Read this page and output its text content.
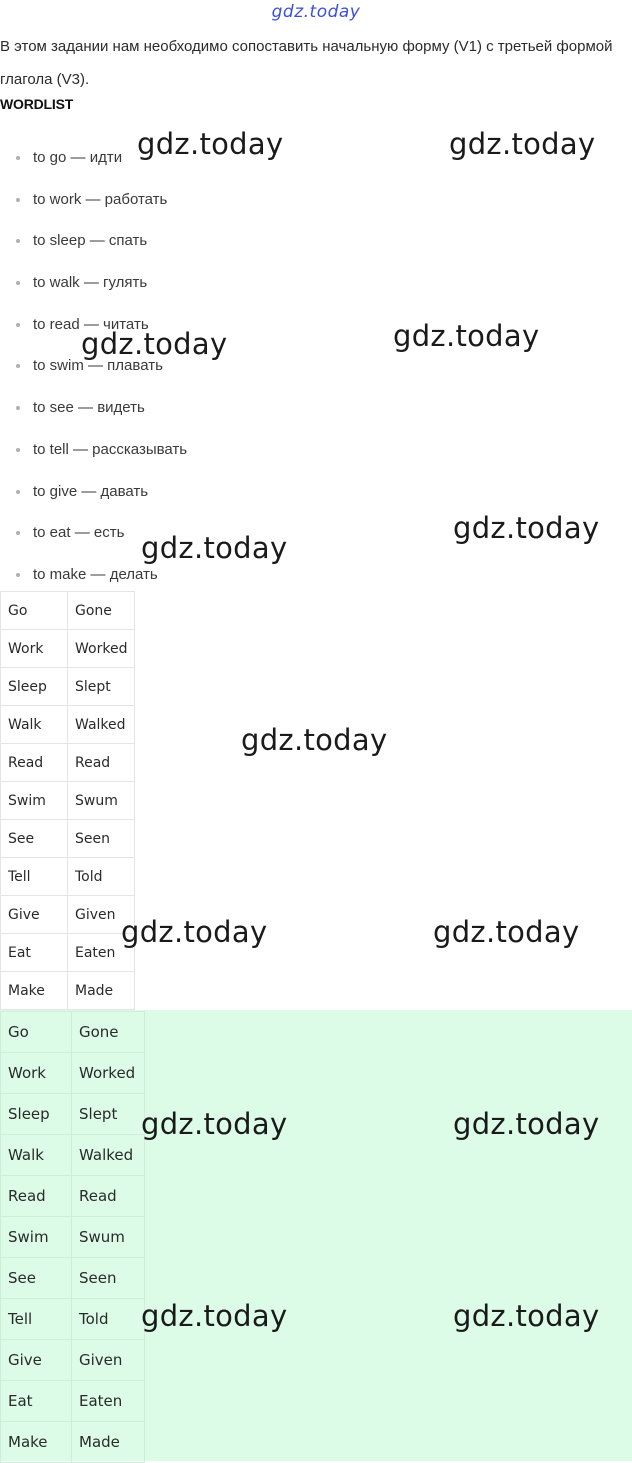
gdz.today
В этом задании нам необходимо сопоставить начальную форму (V1) с третьей формой глагола (V3).
WORDLIST
to go — идти
to work — работать
to sleep — спать
to walk — гулять
to read — читать
to swim — плавать
to see — видеть
to tell — рассказывать
to give — давать
to eat — есть
to make — делать
Go	Gone
Work	Worked
Sleep	Slept
Walk	Walked
Read	Read
Swim	Swum
See	Seen
Tell	Told
Give	Given
Eat	Eaten
Make	Made
Go	Gone
Work	Worked
Sleep	Slept
Walk	Walked
Read	Read
Swim	Swum
See	Seen
Tell	Told
Give	Given
Eat	Eaten
Make	Made
gdz.today	gdz.today
gdz.today	gdz.today
gdz.today
gdz.today
gdz.today
gdz.today	gdz.today
gdz.today	gdz.today
gdz.today	gdz.today
